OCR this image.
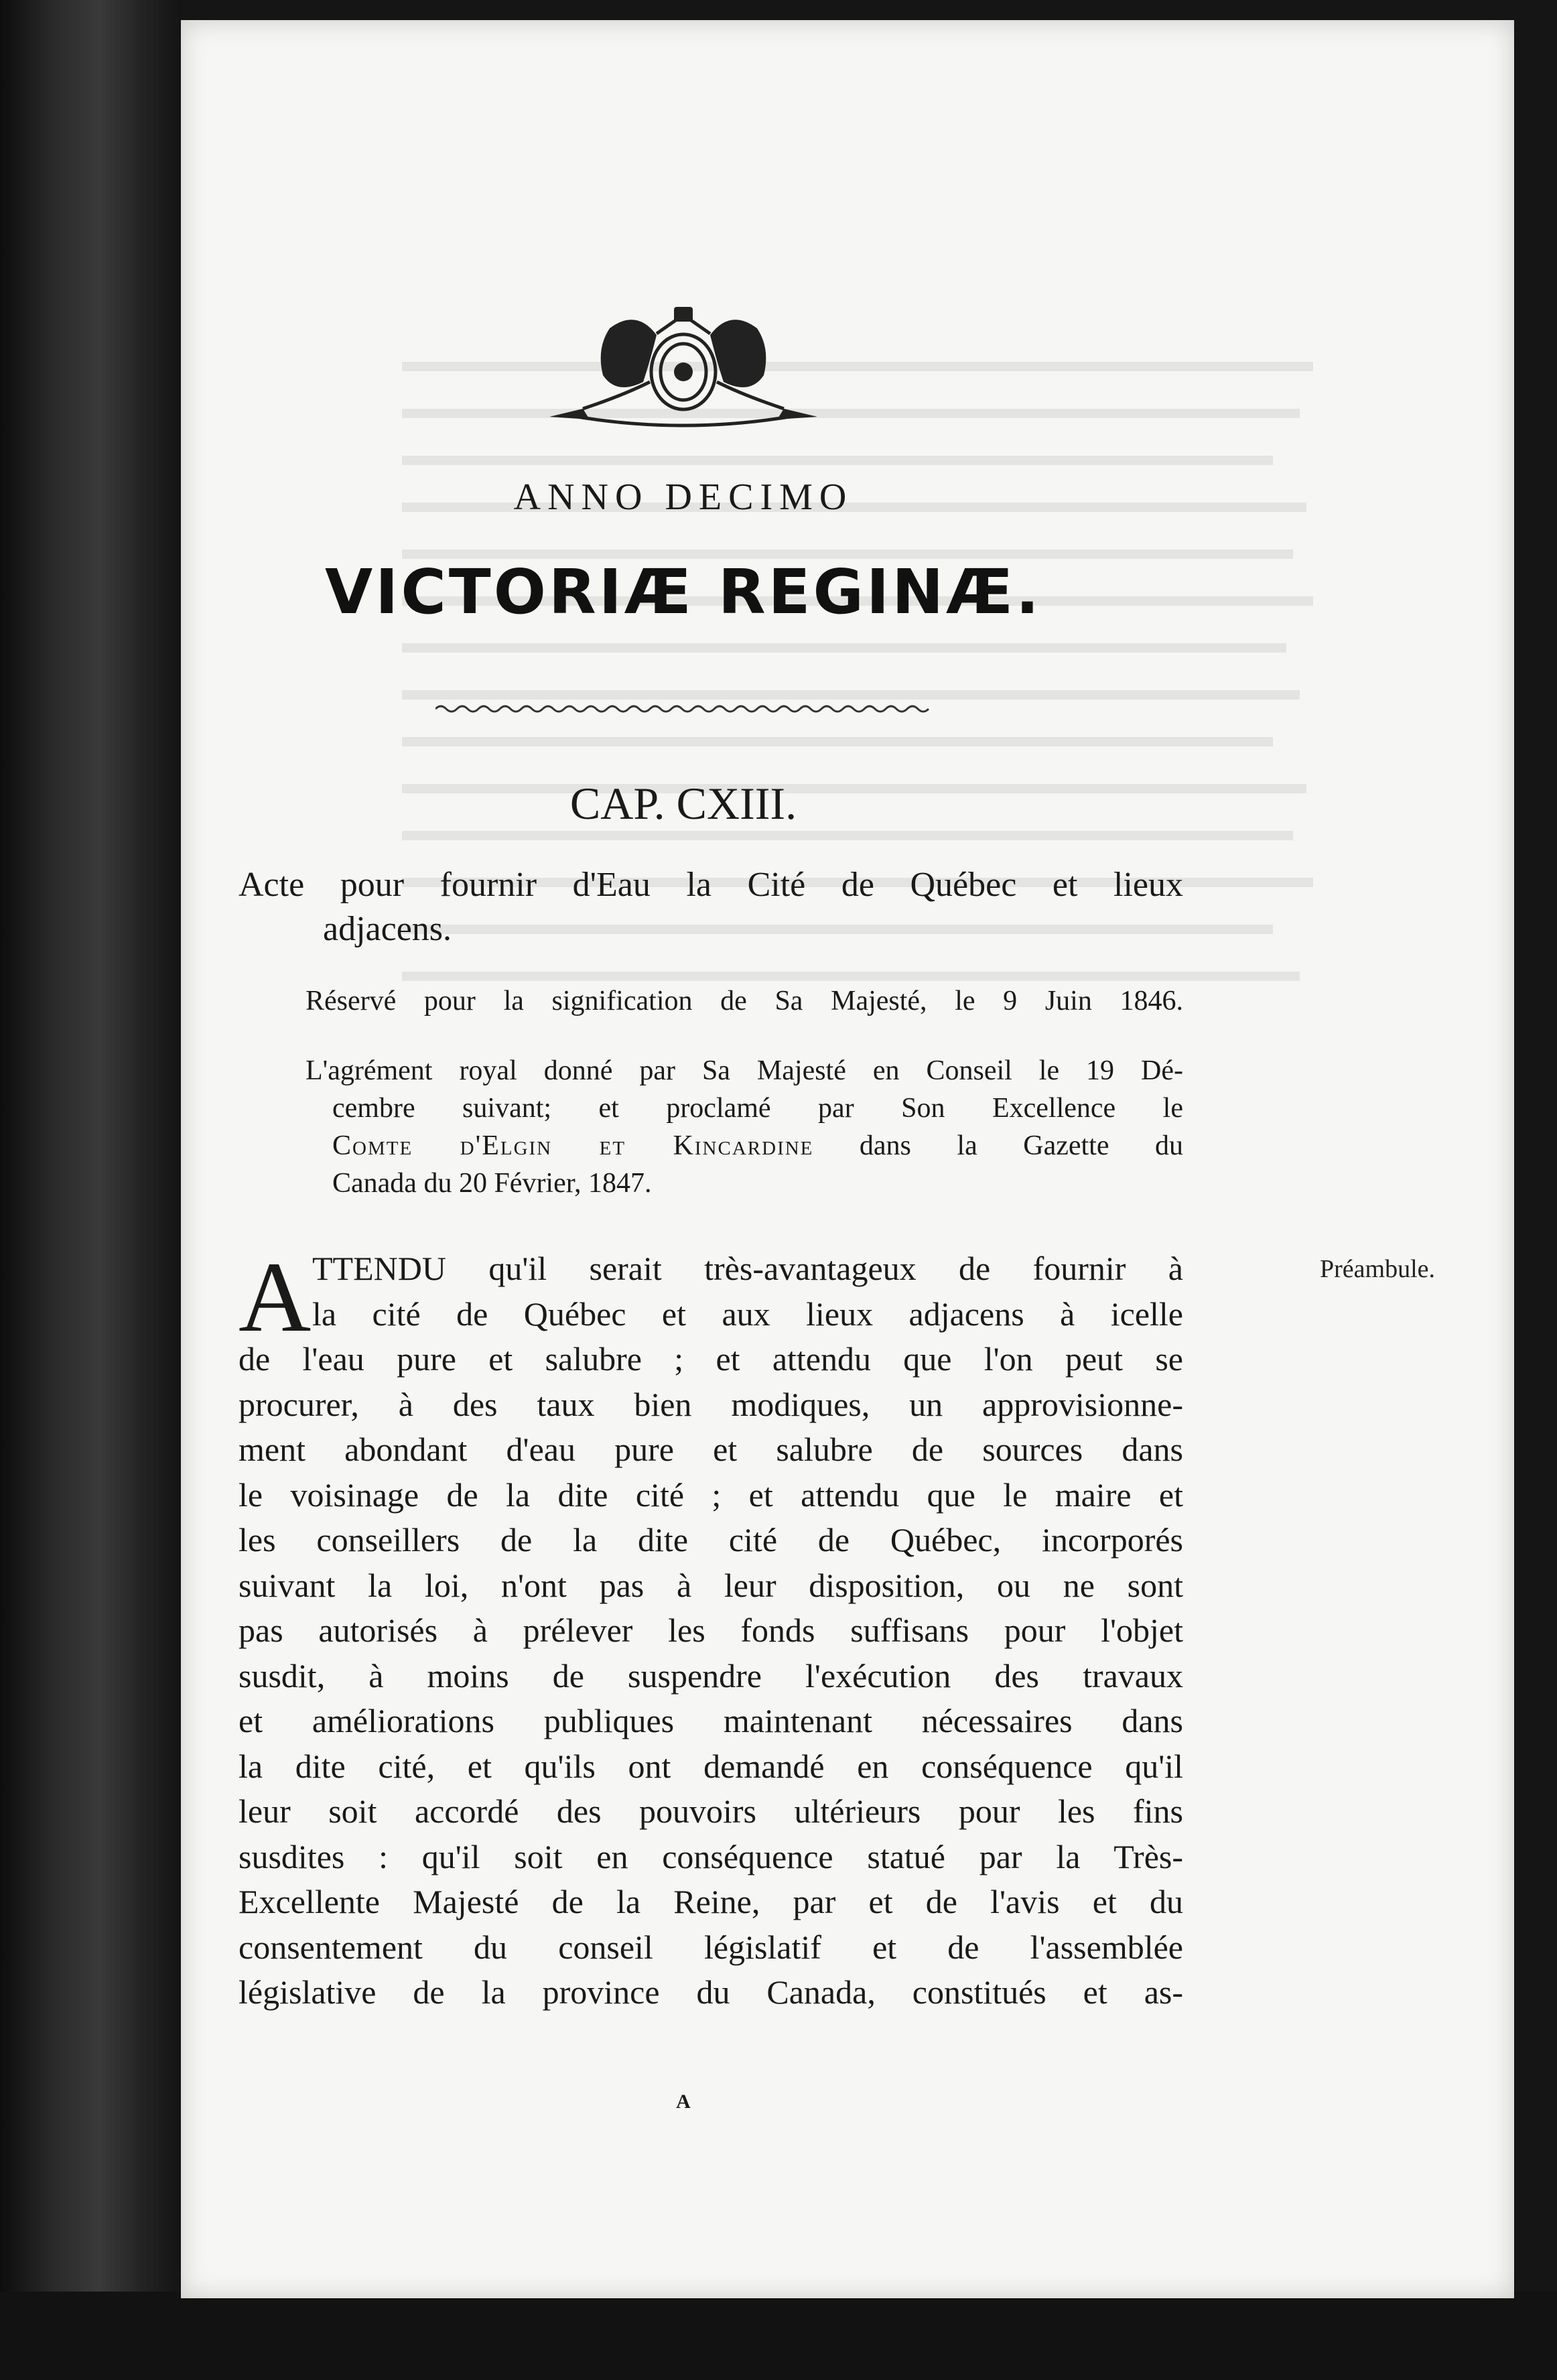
ANNO DECIMO
VICTORIÆ REGINÆ.
CAP. CXIII.
Acte pour fournir d'Eau la Cité de Québec et lieux
adjacens.
Réservé pour la signification de Sa Majesté, le 9 Juin 1846.
L'agrément royal donné par Sa Majesté en Conseil le 19 Dé-
cembre suivant; et proclamé par Son Excellence le
Comte d'Elgin et Kincardine dans la Gazette du
Canada du 20 Février, 1847.
A TTENDU qu'il serait très-avantageux de fournir à
la cité de Québec et aux lieux adjacens à icelle
de l'eau pure et salubre ; et attendu que l'on peut se
procurer, à des taux bien modiques, un approvisionne-
ment abondant d'eau pure et salubre de sources dans
le voisinage de la dite cité ; et attendu que le maire et
les conseillers de la dite cité de Québec, incorporés
suivant la loi, n'ont pas à leur disposition, ou ne sont
pas autorisés à prélever les fonds suffisans pour l'objet
susdit, à moins de suspendre l'exécution des travaux
et améliorations publiques maintenant nécessaires dans
la dite cité, et qu'ils ont demandé en conséquence qu'il
leur soit accordé des pouvoirs ultérieurs pour les fins
susdites : qu'il soit en conséquence statué par la Très-
Excellente Majesté de la Reine, par et de l'avis et du
consentement du conseil législatif et de l'assemblée
législative de la province du Canada, constitués et as-
A
Préambule.
